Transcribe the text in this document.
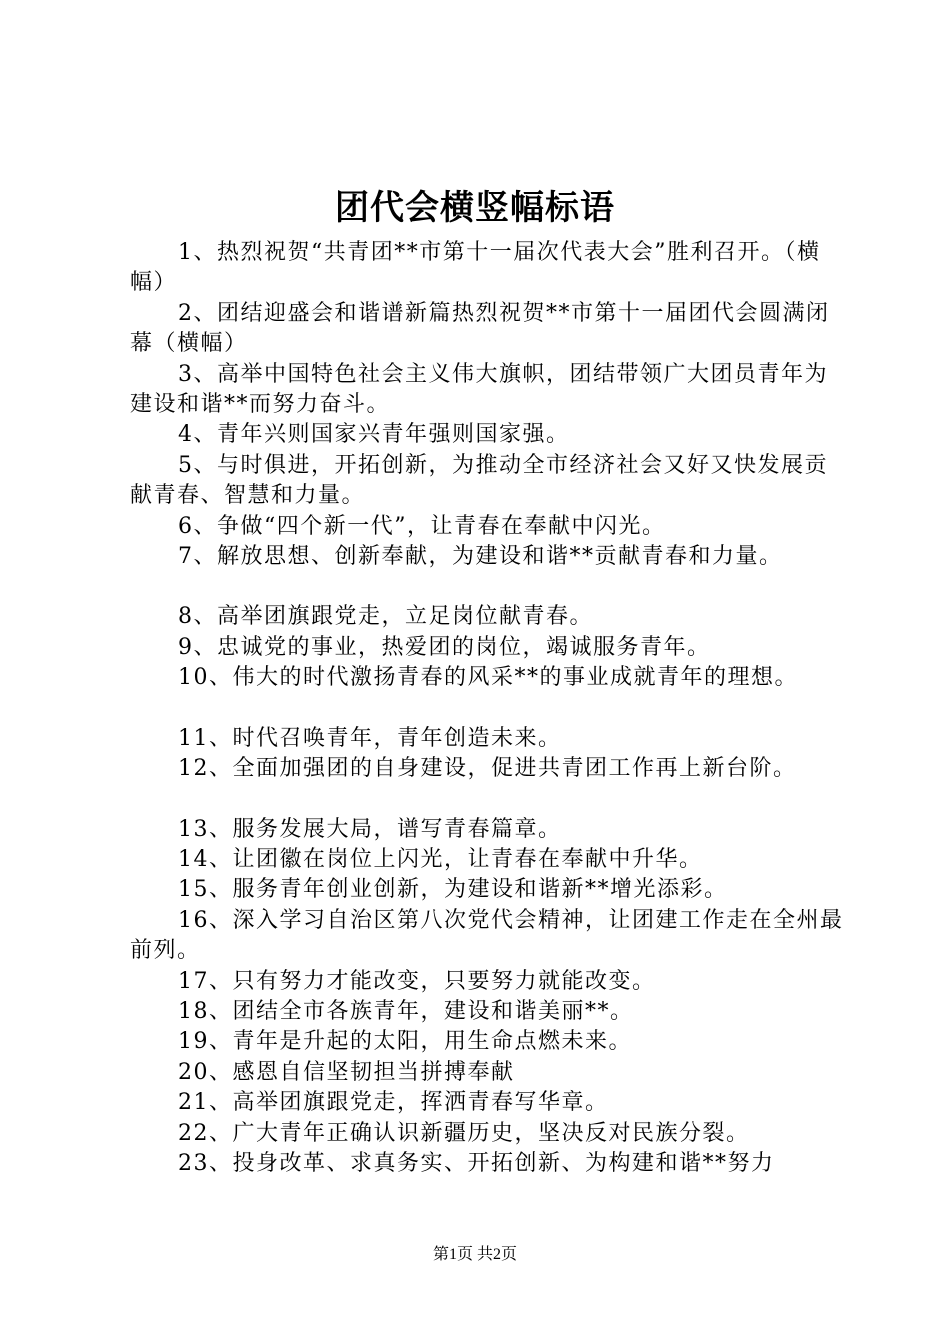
团代会横竖幅标语

1、热烈祝贺“共青团**市第十一届次代表大会”胜利召开。（横幅）

2、团结迎盛会和谐谱新篇热烈祝贺**市第十一届团代会圆满闭幕（横幅）

3、高举中国特色社会主义伟大旗帜，团结带领广大团员青年为建设和谐**而努力奋斗。

4、青年兴则国家兴青年强则国家强。

5、与时俱进，开拓创新，为推动全市经济社会又好又快发展贡献青春、智慧和力量。

6、争做“四个新一代”，让青春在奉献中闪光。

7、解放思想、创新奉献，为建设和谐**贡献青春和力量。

8、高举团旗跟党走，立足岗位献青春。

9、忠诚党的事业，热爱团的岗位，竭诚服务青年。

10、伟大的时代激扬青春的风采**的事业成就青年的理想。

11、时代召唤青年，青年创造未来。

12、全面加强团的自身建设，促进共青团工作再上新台阶。

13、服务发展大局，谱写青春篇章。

14、让团徽在岗位上闪光，让青春在奉献中升华。

15、服务青年创业创新，为建设和谐新**增光添彩。

16、深入学习自治区第八次党代会精神，让团建工作走在全州最前列。

17、只有努力才能改变，只要努力就能改变。

18、团结全市各族青年，建设和谐美丽**。

19、青年是升起的太阳，用生命点燃未来。

20、感恩自信坚韧担当拼搏奉献

21、高举团旗跟党走，挥洒青春写华章。

22、广大青年正确认识新疆历史，坚决反对民族分裂。

23、投身改革、求真务实、开拓创新、为构建和谐**努力

第1页 共2页
